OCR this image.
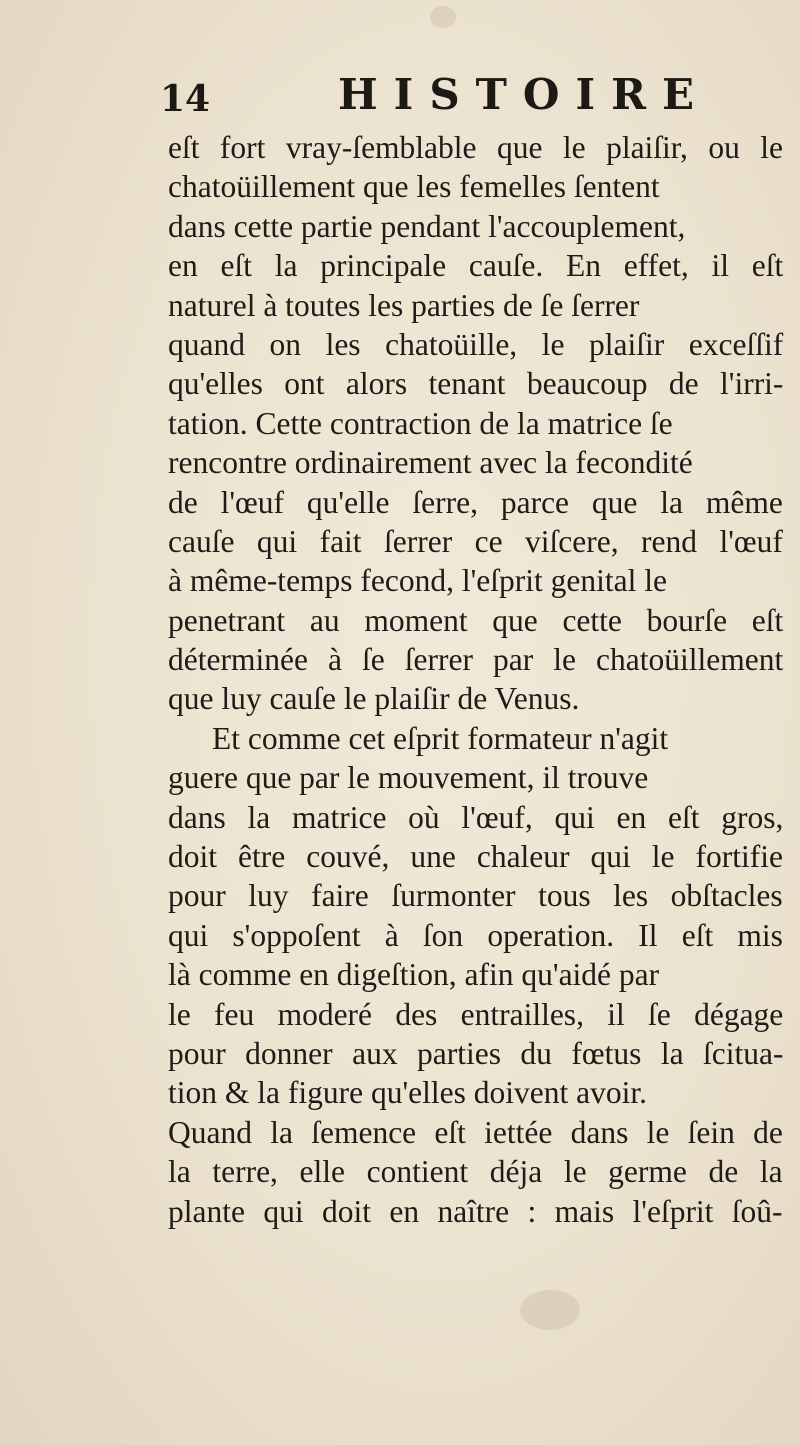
14	HISTOIRE
eſt fort vray-ſemblable que le plaiſir, ou le
chatoüillement que les femelles ſentent
dans cette partie pendant l'accouplement,
en eſt la principale cauſe. En effet, il eſt
naturel à toutes les parties de ſe ſerrer
quand on les chatoüille, le plaiſir exceſſif
qu'elles ont alors tenant beaucoup de l'irri-
tation. Cette contraction de la matrice ſe
rencontre ordinairement avec la fecondité
de l'œuf qu'elle ſerre, parce que la même
cauſe qui fait ſerrer ce viſcere, rend l'œuf
à même-temps fecond, l'eſprit genital le
penetrant au moment que cette bourſe eſt
déterminée à ſe ſerrer par le chatoüillement
que luy cauſe le plaiſir de Venus.
Et comme cet eſprit formateur n'agit
guere que par le mouvement, il trouve
dans la matrice où l'œuf, qui en eſt gros,
doit être couvé, une chaleur qui le fortifie
pour luy faire ſurmonter tous les obſtacles
qui s'oppoſent à ſon operation. Il eſt mis
là comme en digeſtion, afin qu'aidé par
le feu moderé des entrailles, il ſe dégage
pour donner aux parties du fœtus la ſcitua-
tion & la figure qu'elles doivent avoir.
Quand la ſemence eſt iettée dans le ſein de
la terre, elle contient déja le germe de la
plante qui doit en naître : mais l'eſprit ſoû-
